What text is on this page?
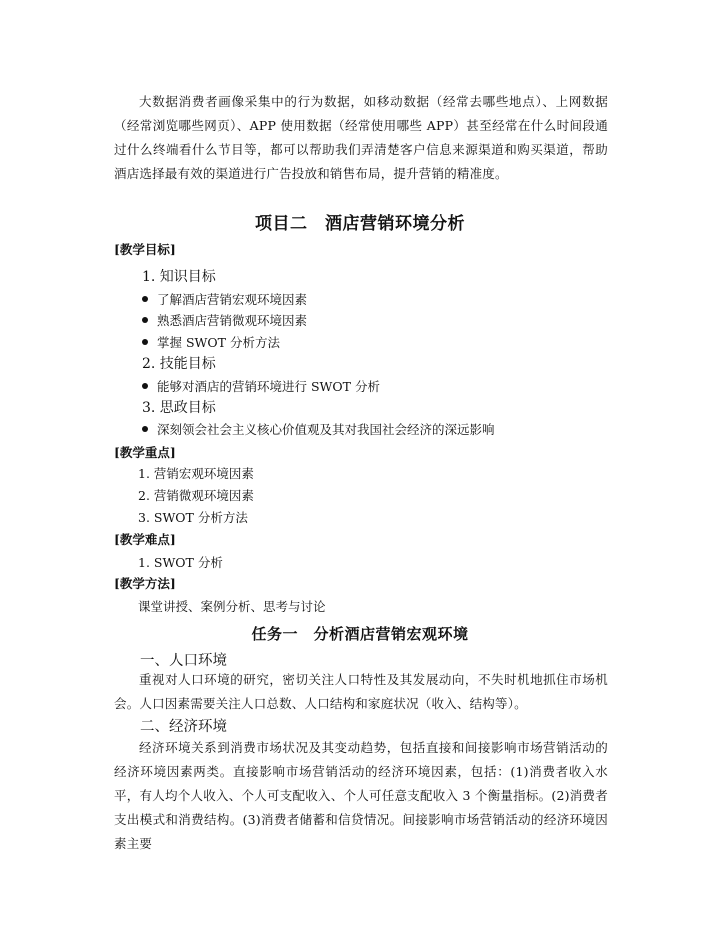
大数据消费者画像采集中的行为数据，如移动数据（经常去哪些地点）、上网数据（经常浏览哪些网页）、APP 使用数据（经常使用哪些 APP）甚至经常在什么时间段通过什么终端看什么节目等，都可以帮助我们弄清楚客户信息来源渠道和购买渠道，帮助酒店选择最有效的渠道进行广告投放和销售布局，提升营销的精准度。

项目二　酒店营销环境分析

[教学目标]

1. 知识目标

了解酒店营销宏观环境因素

熟悉酒店营销微观环境因素

掌握 SWOT 分析方法

2. 技能目标

能够对酒店的营销环境进行 SWOT 分析

3. 思政目标

深刻领会社会主义核心价值观及其对我国社会经济的深远影响

[教学重点]

1. 营销宏观环境因素

2. 营销微观环境因素

3. SWOT 分析方法

[教学难点]

1. SWOT 分析

[教学方法]

课堂讲授、案例分析、思考与讨论

任务一　分析酒店营销宏观环境

一、人口环境

重视对人口环境的研究，密切关注人口特性及其发展动向，不失时机地抓住市场机会。人口因素需要关注人口总数、人口结构和家庭状况（收入、结构等）。

二、经济环境

经济环境关系到消费市场状况及其变动趋势，包括直接和间接影响市场营销活动的经济环境因素两类。直接影响市场营销活动的经济环境因素，包括：(1)消费者收入水平，有人均个人收入、个人可支配收入、个人可任意支配收入 3 个衡量指标。(2)消费者支出模式和消费结构。(3)消费者储蓄和信贷情况。间接影响市场营销活动的经济环境因素主要
